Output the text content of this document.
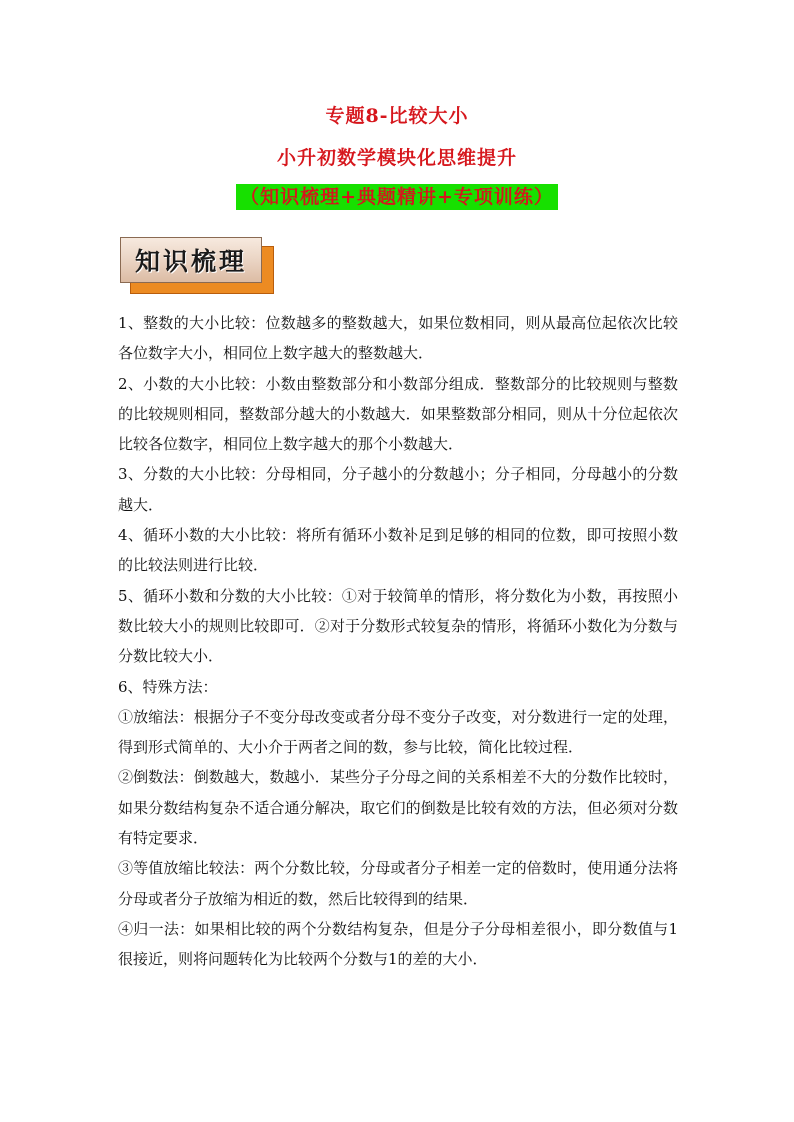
专题8-比较大小
小升初数学模块化思维提升
（知识梳理+典题精讲+专项训练）
知识梳理

1、整数的大小比较：位数越多的整数越大，如果位数相同，则从最高位起依次比较各位数字大小，相同位上数字越大的整数越大．

2、小数的大小比较：小数由整数部分和小数部分组成．整数部分的比较规则与整数的比较规则相同，整数部分越大的小数越大．如果整数部分相同，则从十分位起依次比较各位数字，相同位上数字越大的那个小数越大．

3、分数的大小比较：分母相同，分子越小的分数越小；分子相同，分母越小的分数越大．

4、循环小数的大小比较：将所有循环小数补足到足够的相同的位数，即可按照小数的比较法则进行比较．

5、循环小数和分数的大小比较：①对于较简单的情形，将分数化为小数，再按照小数比较大小的规则比较即可．②对于分数形式较复杂的情形，将循环小数化为分数与分数比较大小．

6、特殊方法：

①放缩法：根据分子不变分母改变或者分母不变分子改变，对分数进行一定的处理，得到形式简单的、大小介于两者之间的数，参与比较，简化比较过程．

②倒数法：倒数越大，数越小．某些分子分母之间的关系相差不大的分数作比较时，如果分数结构复杂不适合通分解决，取它们的倒数是比较有效的方法，但必须对分数有特定要求．

③等值放缩比较法：两个分数比较，分母或者分子相差一定的倍数时，使用通分法将分母或者分子放缩为相近的数，然后比较得到的结果．

④归一法：如果相比较的两个分数结构复杂，但是分子分母相差很小，即分数值与1很接近，则将问题转化为比较两个分数与1的差的大小．
